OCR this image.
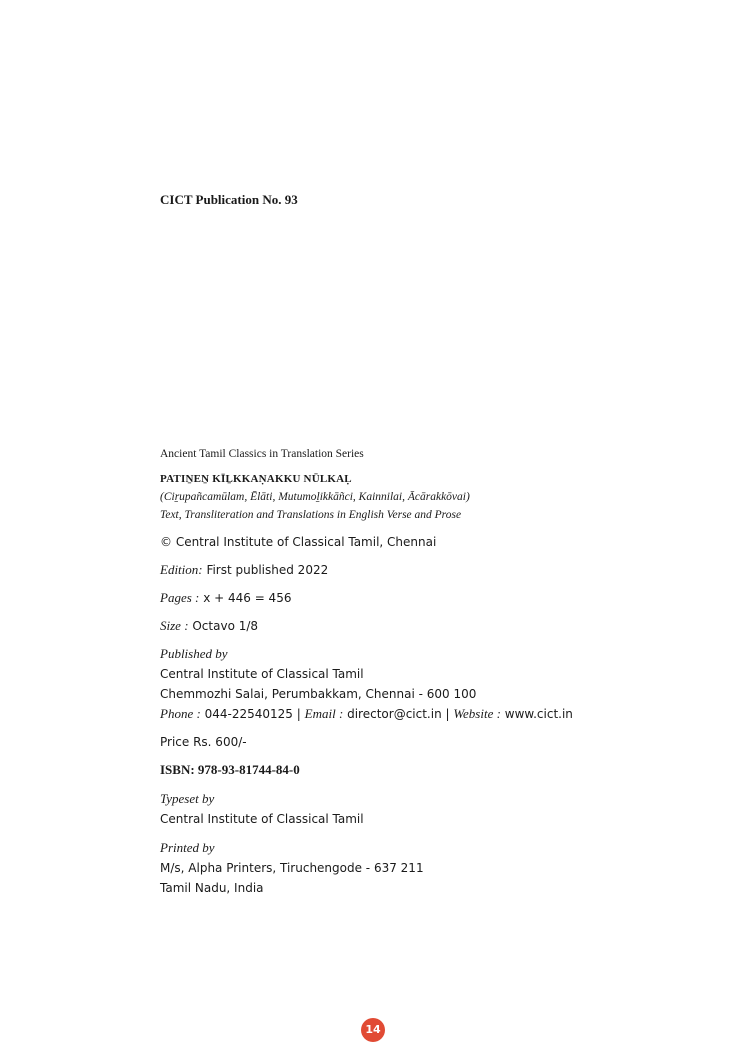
CICT Publication No. 93
Ancient Tamil Classics in Translation Series
PATIṈEṈ KĪḺKKAṆAKKU NŪLKAḶ
(Ciṟupañcamūlam, Ēlāti, Mutumoḻikkāñci, Kainnilai, Ācārakkōvai)
Text, Transliteration and Translations in English Verse and Prose
© Central Institute of Classical Tamil, Chennai
Edition: First published 2022
Pages : x + 446 = 456
Size : Octavo 1/8
Published by
Central Institute of Classical Tamil
Chemmozhi Salai, Perumbakkam, Chennai - 600 100
Phone : 044-22540125 | Email : director@cict.in | Website : www.cict.in
Price Rs. 600/-
ISBN: 978-93-81744-84-0
Typeset by
Central Institute of Classical Tamil
Printed by
M/s, Alpha Printers, Tiruchengode - 637 211
Tamil Nadu, India
14
